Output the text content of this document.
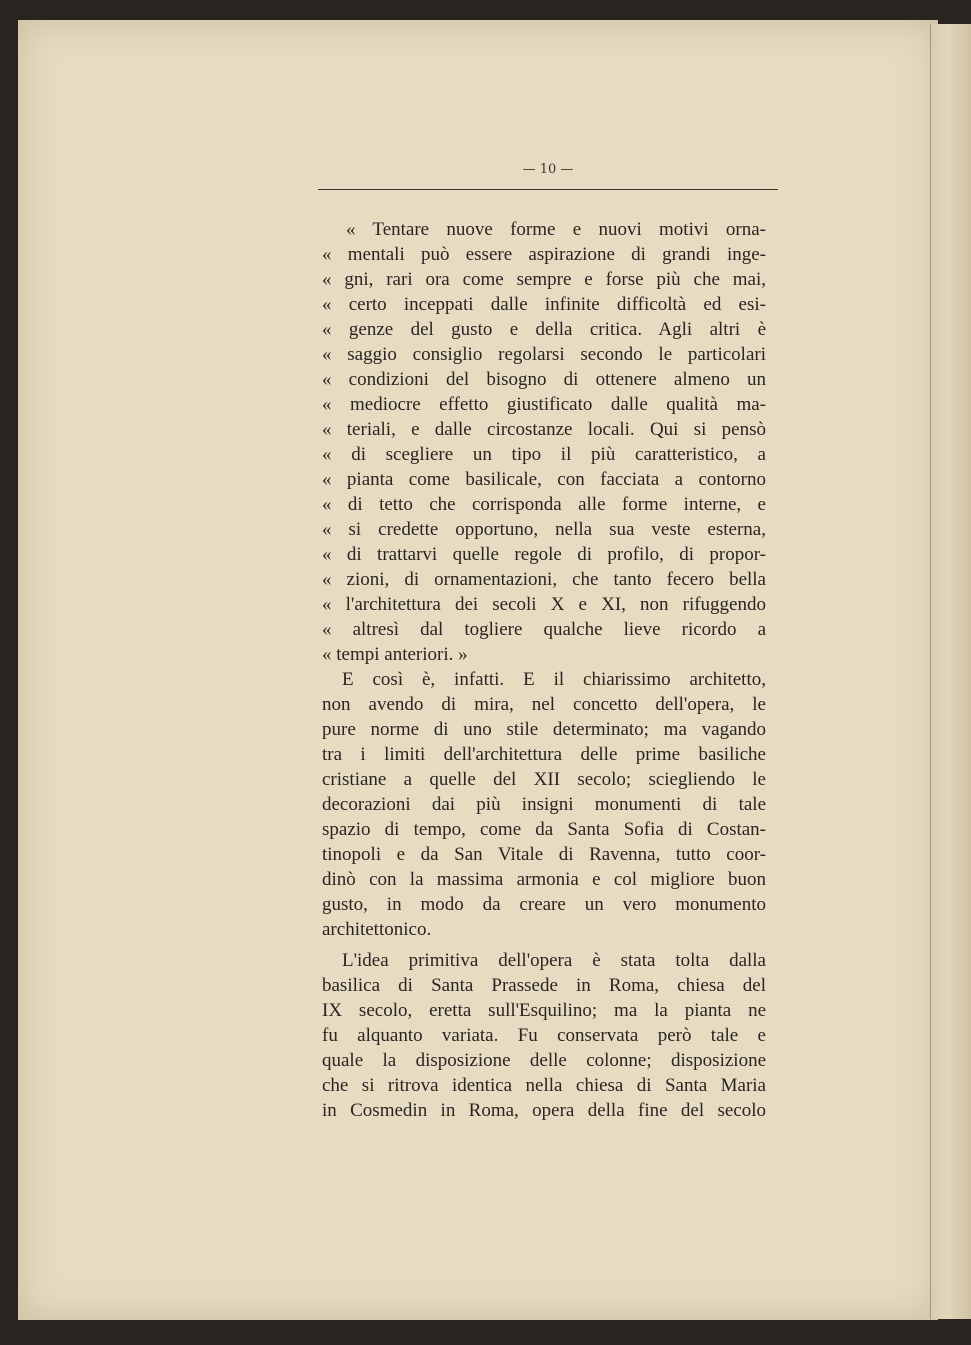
— 10 —
« Tentare nuove forme e nuovi motivi orna-
« mentali può essere aspirazione di grandi inge-
« gni, rari ora come sempre e forse più che mai,
« certo inceppati dalle infinite difficoltà ed esi-
« genze del gusto e della critica. Agli altri è
« saggio consiglio regolarsi secondo le particolari
« condizioni del bisogno di ottenere almeno un
« mediocre effetto giustificato dalle qualità ma-
« teriali, e dalle circostanze locali. Qui si pensò
« di scegliere un tipo il più caratteristico, a
« pianta come basilicale, con facciata a contorno
« di tetto che corrisponda alle forme interne, e
« si credette opportuno, nella sua veste esterna,
« di trattarvi quelle regole di profilo, di propor-
« zioni, di ornamentazioni, che tanto fecero bella
« l'architettura dei secoli X e XI, non rifuggendo
« altresì dal togliere qualche lieve ricordo a
« tempi anteriori. »
E così è, infatti. E il chiarissimo architetto,
non avendo di mira, nel concetto dell'opera, le
pure norme di uno stile determinato; ma vagando
tra i limiti dell'architettura delle prime basiliche
cristiane a quelle del XII secolo; sciegliendo le
decorazioni dai più insigni monumenti di tale
spazio di tempo, come da Santa Sofia di Costan-
tinopoli e da San Vitale di Ravenna, tutto coor-
dinò con la massima armonia e col migliore buon
gusto, in modo da creare un vero monumento
architettonico.
L'idea primitiva dell'opera è stata tolta dalla
basilica di Santa Prassede in Roma, chiesa del
IX secolo, eretta sull'Esquilino; ma la pianta ne
fu alquanto variata. Fu conservata però tale e
quale la disposizione delle colonne; disposizione
che si ritrova identica nella chiesa di Santa Maria
in Cosmedin in Roma, opera della fine del secolo
